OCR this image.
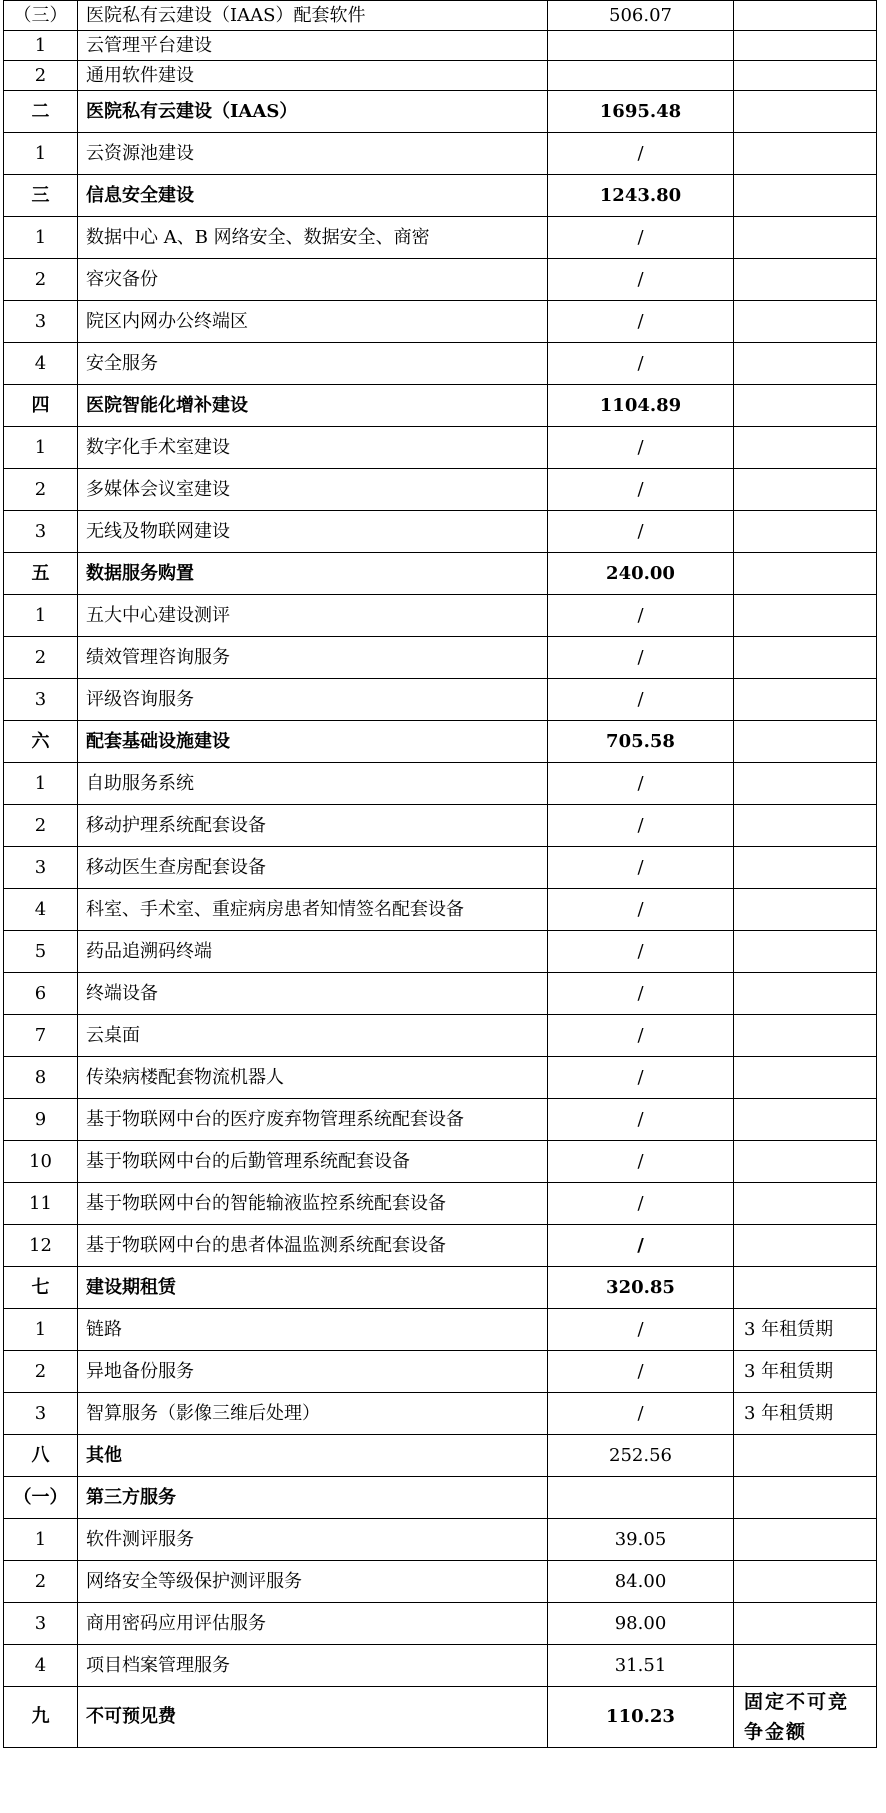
（三）	医院私有云建设（IAAS）配套软件	506.07	
1	云管理平台建设		
2	通用软件建设		
二	医院私有云建设（IAAS）	1695.48	
1	云资源池建设	/	
三	信息安全建设	1243.80	
1	数据中心 A、B 网络安全、数据安全、商密	/	
2	容灾备份	/	
3	院区内网办公终端区	/	
4	安全服务	/	
四	医院智能化增补建设	1104.89	
1	数字化手术室建设	/	
2	多媒体会议室建设	/	
3	无线及物联网建设	/	
五	数据服务购置	240.00	
1	五大中心建设测评	/	
2	绩效管理咨询服务	/	
3	评级咨询服务	/	
六	配套基础设施建设	705.58	
1	自助服务系统	/	
2	移动护理系统配套设备	/	
3	移动医生查房配套设备	/	
4	科室、手术室、重症病房患者知情签名配套设备	/	
5	药品追溯码终端	/	
6	终端设备	/	
7	云桌面	/	
8	传染病楼配套物流机器人	/	
9	基于物联网中台的医疗废弃物管理系统配套设备	/	
10	基于物联网中台的后勤管理系统配套设备	/	
11	基于物联网中台的智能输液监控系统配套设备	/	
12	基于物联网中台的患者体温监测系统配套设备	/	
七	建设期租赁	320.85	
1	链路	/	3 年租赁期
2	异地备份服务	/	3 年租赁期
3	智算服务（影像三维后处理）	/	3 年租赁期
八	其他	252.56	
（一）	第三方服务		
1	软件测评服务	39.05	
2	网络安全等级保护测评服务	84.00	
3	商用密码应用评估服务	98.00	
4	项目档案管理服务	31.51	
九	不可预见费	110.23	固定不可竞争金额
